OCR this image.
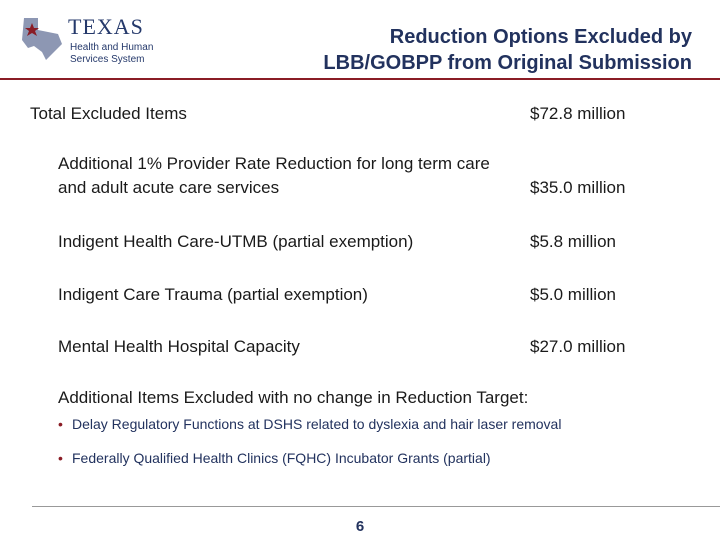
TEXAS
Health and Human
Services System
Reduction Options Excluded by
LBB/GOBPP from Original Submission
Total Excluded Items	$72.8 million
Additional 1% Provider Rate Reduction for long term care and adult acute care services	$35.0 million
Indigent Health Care-UTMB (partial exemption)	$5.8 million
Indigent Care Trauma (partial exemption)	$5.0 million
Mental Health Hospital Capacity	$27.0 million
Additional Items Excluded with no change in Reduction Target:
• Delay Regulatory Functions at DSHS related to dyslexia and hair laser removal
• Federally Qualified Health Clinics (FQHC) Incubator Grants (partial)
6
